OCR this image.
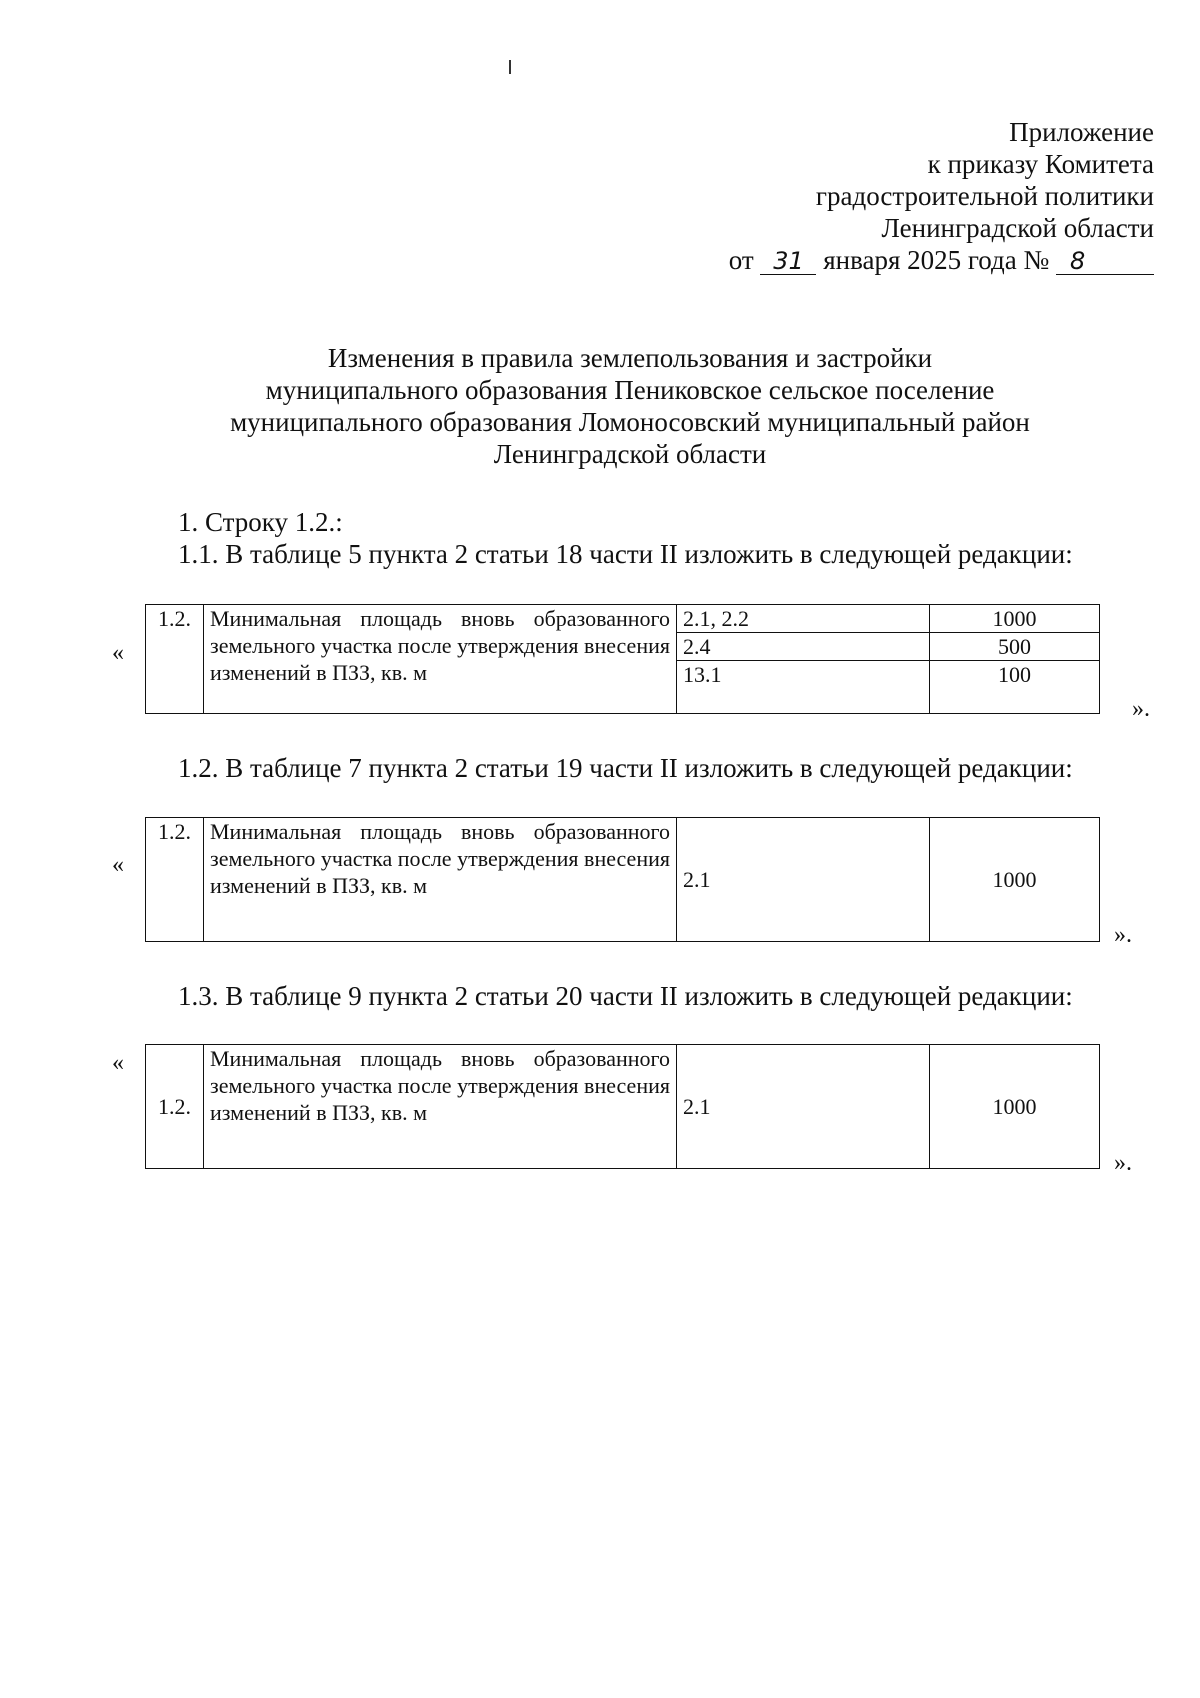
Приложение
к приказу Комитета
градостроительной политики
Ленинградской области
от 31 января 2025 года № 8
Изменения в правила землепользования и застройки
муниципального образования Пениковское сельское поселение
муниципального образования Ломоносовский муниципальный район
Ленинградской области
1. Строку 1.2.:
1.1. В таблице 5 пункта 2 статьи 18 части II изложить в следующей редакции:
«
1.2.	Минимальная площадь вновь образованного земельного участка после утверждения внесения изменений в ПЗЗ, кв. м	2.1, 2.2	1000
		2.4	500
		13.1	100
».
1.2. В таблице 7 пункта 2 статьи 19 части II изложить в следующей редакции:
«
1.2.	Минимальная площадь вновь образованного земельного участка после утверждения внесения изменений в ПЗЗ, кв. м	2.1	1000
».
1.3. В таблице 9 пункта 2 статьи 20 части II изложить в следующей редакции:
«
1.2.	Минимальная площадь вновь образованного земельного участка после утверждения внесения изменений в ПЗЗ, кв. м	2.1	1000
».
